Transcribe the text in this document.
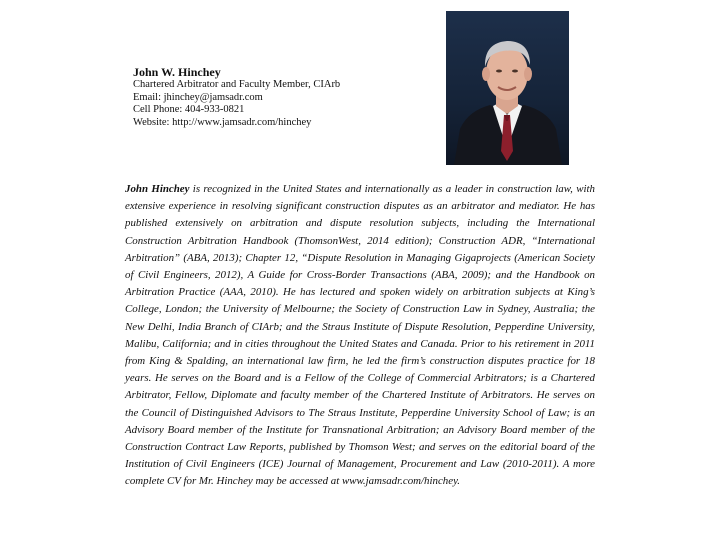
John W. Hinchey
Chartered Arbitrator and Faculty Member, CIArb
Email: jhinchey@jamsadr.com
Cell Phone: 404-933-0821
Website: http://www.jamsadr.com/hinchey

John Hinchey is recognized in the United States and internationally as a leader in construction law, with extensive experience in resolving significant construction disputes as an arbitrator and mediator. He has published extensively on arbitration and dispute resolution subjects, including the International Construction Arbitration Handbook (ThomsonWest, 2014 edition); Construction ADR, “International Arbitration” (ABA, 2013); Chapter 12, “Dispute Resolution in Managing Gigaprojects (American Society of Civil Engineers, 2012), A Guide for Cross-Border Transactions (ABA, 2009); and the Handbook on Arbitration Practice (AAA, 2010). He has lectured and spoken widely on arbitration subjects at King’s College, London; the University of Melbourne; the Society of Construction Law in Sydney, Australia; the New Delhi, India Branch of CIArb; and the Straus Institute of Dispute Resolution, Pepperdine University, Malibu, California; and in cities throughout the United States and Canada. Prior to his retirement in 2011 from King & Spalding, an international law firm, he led the firm’s construction disputes practice for 18 years. He serves on the Board and is a Fellow of the College of Commercial Arbitrators; is a Chartered Arbitrator, Fellow, Diplomate and faculty member of the Chartered Institute of Arbitrators. He serves on the Council of Distinguished Advisors to The Straus Institute, Pepperdine University School of Law; is an Advisory Board member of the Institute for Transnational Arbitration; an Advisory Board member of the Construction Contract Law Reports, published by Thomson West; and serves on the editorial board of the Institution of Civil Engineers (ICE) Journal of Management, Procurement and Law (2010-2011). A more complete CV for Mr. Hinchey may be accessed at www.jamsadr.com/hinchey.
